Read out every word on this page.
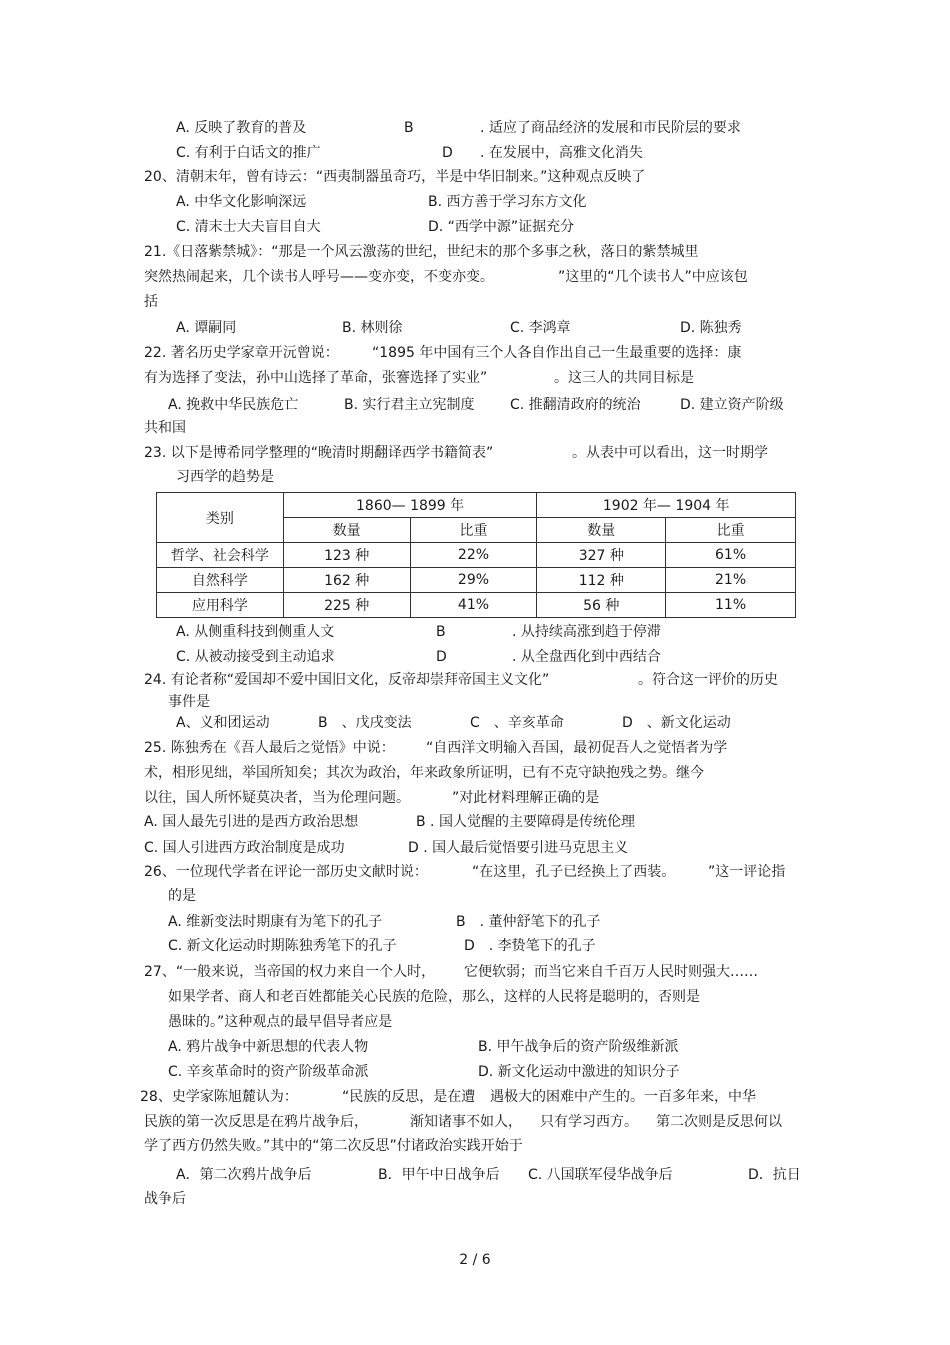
A. 反映了教育的普及	B	. 适应了商品经济的发展和市民阶层的要求
C. 有利于白话文的推广	D . 在发展中，高雅文化消失
20、清朝末年，曾有诗云：“西夷制器虽奇巧，半是中华旧制来。”这种观点反映了
A. 中华文化影响深远	B. 西方善于学习东方文化
C. 清末士大夫盲目自大	D. “西学中源”证据充分
21.《日落紫禁城》：“那是一个风云激荡的世纪，世纪末的那个多事之秋，落日的紫禁城里
突然热闹起来，几个读书人呼号——变亦变，不变亦变。	”这里的“几个读书人”中应该包
括
A. 谭嗣同	B. 林则徐	C. 李鸿章	D. 陈独秀
22. 著名历史学家章开沅曾说： “1895 年中国有三个人各自作出自己一生最重要的选择：康
有为选择了变法，孙中山选择了革命，张謇选择了实业”	。这三人的共同目标是
A. 挽救中华民族危亡	B. 实行君主立宪制度	C. 推翻清政府的统治	D. 建立资产阶级
共和国
23. 以下是博希同学整理的“晚清时期翻译西学书籍简表”	。从表中可以看出，这一时期学
习西学的趋势是
类别	1860— 1899 年		1902 年— 1904 年	
	数量	比重	数量	比重
哲学、社会科学	123 种	22%	327 种	61%
自然科学	162 种	29%	112 种	21%
应用科学	225 种	41%	56 种	11%
A. 从侧重科技到侧重人文	B	. 从持续高涨到趋于停滞
C. 从被动接受到主动追求	D	. 从全盘西化到中西结合
24. 有论者称“爱国却不爱中国旧文化，反帝却崇拜帝国主义文化”	。符合这一评价的历史
事件是
A、义和团运动	B　、戊戌变法	C　、辛亥革命	D　、新文化运动
25. 陈独秀在《吾人最后之觉悟》中说： “自西洋文明输入吾国，最初促吾人之觉悟者为学
术，相形见绌，举国所知矣；其次为政治，年来政象所证明，已有不克守缺抱残之势。继今
以往，国人所怀疑莫决者，当为伦理问题。	”对此材料理解正确的是
A. 国人最先引进的是西方政治思想	B . 国人觉醒的主要障碍是传统伦理
C. 国人引进西方政治制度是成功	D . 国人最后觉悟要引进马克思主义
26、一位现代学者在评论一部历史文献时说：	“在这里，孔子已经换上了西装。 ”这一评论指
的是
A. 维新变法时期康有为笔下的孔子	B　. 董仲舒笔下的孔子
C. 新文化运动时期陈独秀笔下的孔子	D　. 李贽笔下的孔子
27、“一般来说，当帝国的权力来自一个人时， 它便软弱；而当它来自千百万人民时则强大……
如果学者、商人和老百姓都能关心民族的危险，那么，这样的人民将是聪明的，否则是
愚昧的。”这种观点的最早倡导者应是
A. 鸦片战争中新思想的代表人物	B. 甲午战争后的资产阶级维新派
C. 辛亥革命时的资产阶级革命派	D. 新文化运动中激进的知识分子
28、史学家陈旭麓认为：	“民族的反思，是在遭 遇极大的困难中产生的。一百多年来，中华
民族的第一次反思是在鸦片战争后，	渐知诸事不如人， 只有学习西方。 第二次则是反思何以
学了西方仍然失败。”其中的“第二次反思”付诸政治实践开始于
A．第二次鸦片战争后	B．甲午中日战争后 C. 八国联军侵华战争后	D．抗日
战争后
2 / 6
